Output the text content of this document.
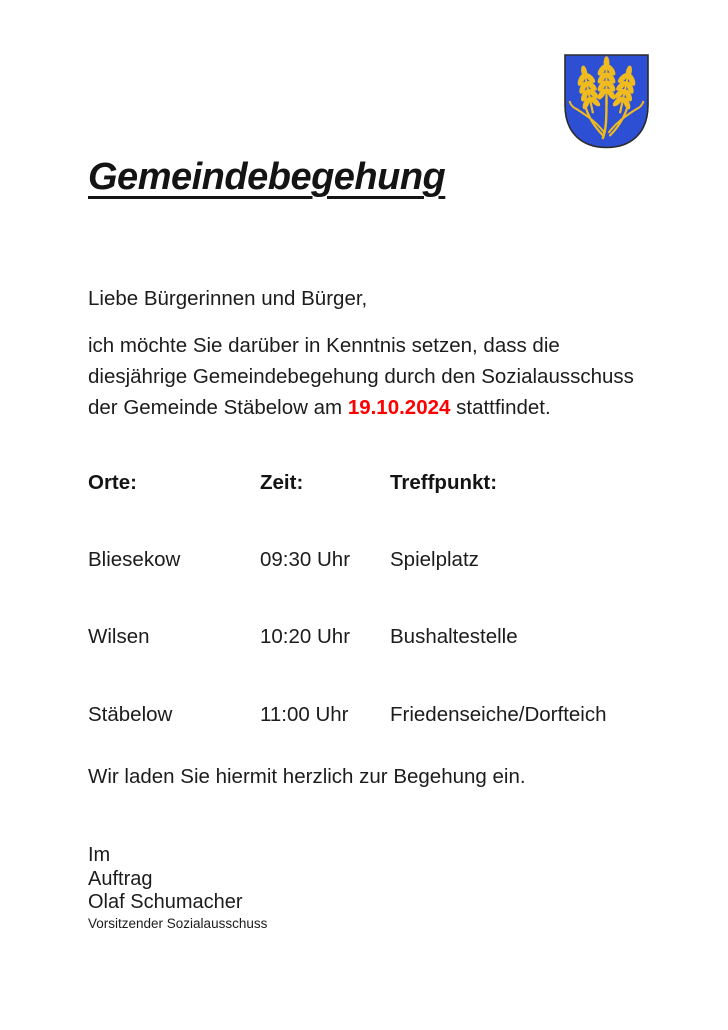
Gemeindebegehung

Liebe Bürgerinnen und Bürger,

ich möchte Sie darüber in Kenntnis setzen, dass die
diesjährige Gemeindebegehung durch den Sozialausschuss
der Gemeinde Stäbelow am 19.10.2024 stattfindet.

Orte:	Zeit:	Treffpunkt:
Bliesekow	09:30 Uhr Spielplatz
Wilsen	10:20 Uhr Bushaltestelle
Stäbelow	11:00 Uhr Friedenseiche/Dorfteich

Wir laden Sie hiermit herzlich zur Begehung ein.

Im
Auftrag
Olaf Schumacher
Vorsitzender Sozialausschuss
